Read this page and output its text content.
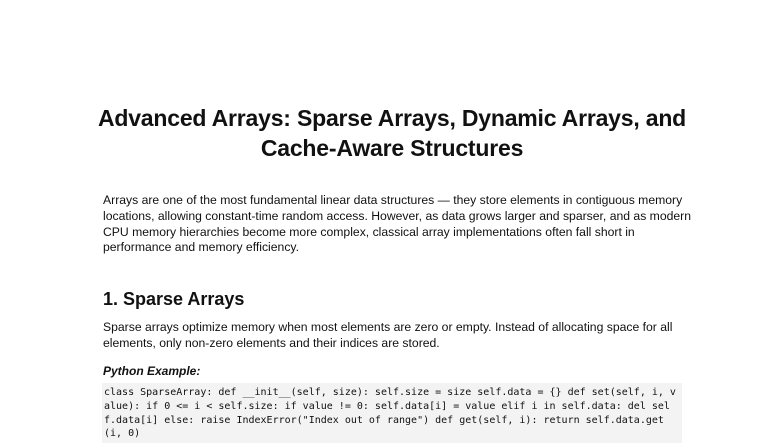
Advanced Arrays: Sparse Arrays, Dynamic Arrays, and Cache-Aware Structures

Arrays are one of the most fundamental linear data structures — they store elements in contiguous memory locations, allowing constant-time random access. However, as data grows larger and sparser, and as modern CPU memory hierarchies become more complex, classical array implementations often fall short in performance and memory efficiency.

1. Sparse Arrays

Sparse arrays optimize memory when most elements are zero or empty. Instead of allocating space for all elements, only non-zero elements and their indices are stored.

Python Example:

class SparseArray: def __init__(self, size): self.size = size self.data = {} def set(self, i, value): if 0 <= i < self.size: if value != 0: self.data[i] = value elif i in self.data: del self.data[i] else: raise IndexError("Index out of range") def get(self, i): return self.data.get(i, 0)
